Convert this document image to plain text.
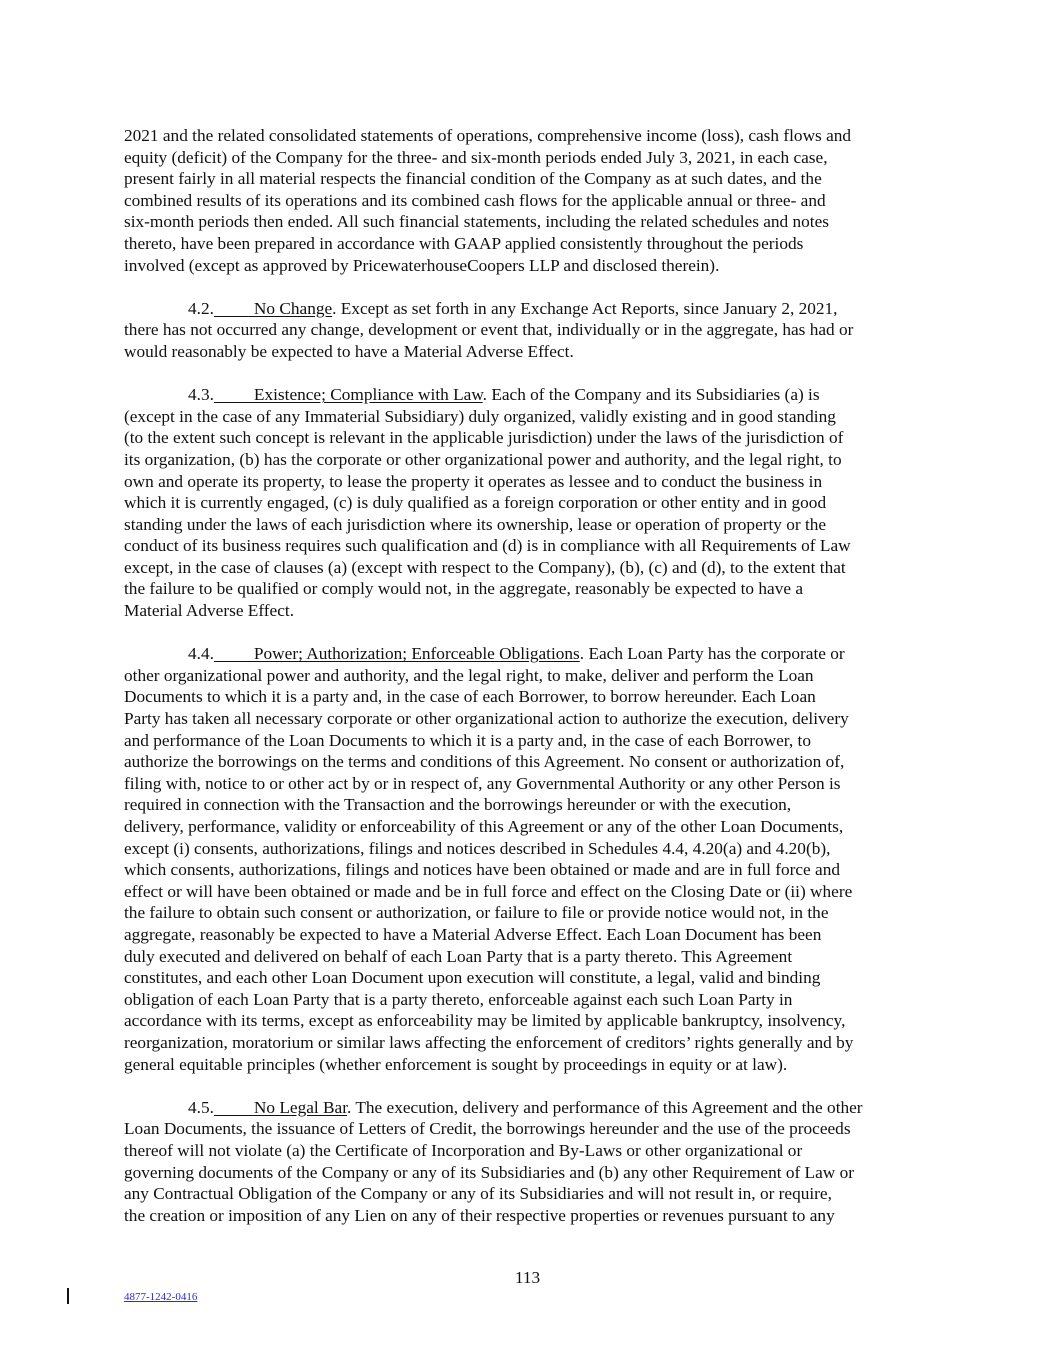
2021 and the related consolidated statements of operations, comprehensive income (loss), cash flows and
equity (deficit) of the Company for the three- and six-month periods ended July 3, 2021, in each case,
present fairly in all material respects the financial condition of the Company as at such dates, and the
combined results of its operations and its combined cash flows for the applicable annual or three- and
six-month periods then ended. All such financial statements, including the related schedules and notes
thereto, have been prepared in accordance with GAAP applied consistently throughout the periods
involved (except as approved by PricewaterhouseCoopers LLP and disclosed therein).

4.2. No Change. Except as set forth in any Exchange Act Reports, since January 2, 2021,
there has not occurred any change, development or event that, individually or in the aggregate, has had or
would reasonably be expected to have a Material Adverse Effect.

4.3. Existence; Compliance with Law. Each of the Company and its Subsidiaries (a) is
(except in the case of any Immaterial Subsidiary) duly organized, validly existing and in good standing
(to the extent such concept is relevant in the applicable jurisdiction) under the laws of the jurisdiction of
its organization, (b) has the corporate or other organizational power and authority, and the legal right, to
own and operate its property, to lease the property it operates as lessee and to conduct the business in
which it is currently engaged, (c) is duly qualified as a foreign corporation or other entity and in good
standing under the laws of each jurisdiction where its ownership, lease or operation of property or the
conduct of its business requires such qualification and (d) is in compliance with all Requirements of Law
except, in the case of clauses (a) (except with respect to the Company), (b), (c) and (d), to the extent that
the failure to be qualified or comply would not, in the aggregate, reasonably be expected to have a
Material Adverse Effect.

4.4. Power; Authorization; Enforceable Obligations. Each Loan Party has the corporate or
other organizational power and authority, and the legal right, to make, deliver and perform the Loan
Documents to which it is a party and, in the case of each Borrower, to borrow hereunder. Each Loan
Party has taken all necessary corporate or other organizational action to authorize the execution, delivery
and performance of the Loan Documents to which it is a party and, in the case of each Borrower, to
authorize the borrowings on the terms and conditions of this Agreement. No consent or authorization of,
filing with, notice to or other act by or in respect of, any Governmental Authority or any other Person is
required in connection with the Transaction and the borrowings hereunder or with the execution,
delivery, performance, validity or enforceability of this Agreement or any of the other Loan Documents,
except (i) consents, authorizations, filings and notices described in Schedules 4.4, 4.20(a) and 4.20(b),
which consents, authorizations, filings and notices have been obtained or made and are in full force and
effect or will have been obtained or made and be in full force and effect on the Closing Date or (ii) where
the failure to obtain such consent or authorization, or failure to file or provide notice would not, in the
aggregate, reasonably be expected to have a Material Adverse Effect. Each Loan Document has been
duly executed and delivered on behalf of each Loan Party that is a party thereto. This Agreement
constitutes, and each other Loan Document upon execution will constitute, a legal, valid and binding
obligation of each Loan Party that is a party thereto, enforceable against each such Loan Party in
accordance with its terms, except as enforceability may be limited by applicable bankruptcy, insolvency,
reorganization, moratorium or similar laws affecting the enforcement of creditors’ rights generally and by
general equitable principles (whether enforcement is sought by proceedings in equity or at law).

4.5. No Legal Bar. The execution, delivery and performance of this Agreement and the other
Loan Documents, the issuance of Letters of Credit, the borrowings hereunder and the use of the proceeds
thereof will not violate (a) the Certificate of Incorporation and By-Laws or other organizational or
governing documents of the Company or any of its Subsidiaries and (b) any other Requirement of Law or
any Contractual Obligation of the Company or any of its Subsidiaries and will not result in, or require,
the creation or imposition of any Lien on any of their respective properties or revenues pursuant to any

113
4877-1242-0416
